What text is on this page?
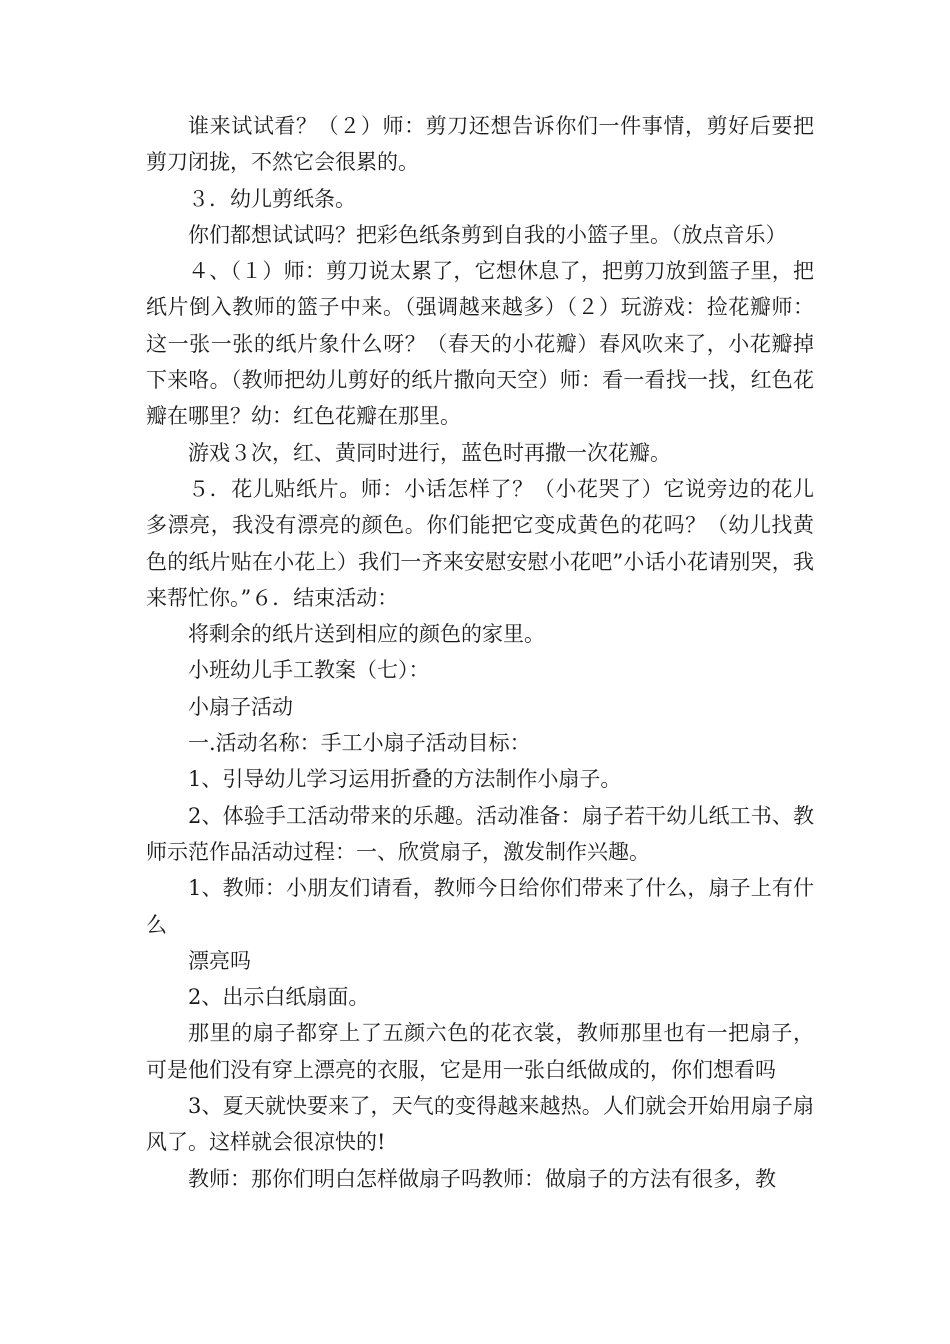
谁来试试看？（２）师：剪刀还想告诉你们一件事情，剪好后要把剪刀闭拢，不然它会很累的。

３．幼儿剪纸条。

你们都想试试吗？把彩色纸条剪到自我的小篮子里。（放点音乐）

４、（１）师：剪刀说太累了，它想休息了，把剪刀放到篮子里，把纸片倒入教师的篮子中来。（强调越来越多）（２）玩游戏：捡花瓣师：这一张一张的纸片象什么呀？（春天的小花瓣）春风吹来了，小花瓣掉下来咯。（教师把幼儿剪好的纸片撒向天空）师：看一看找一找，红色花瓣在哪里？幼：红色花瓣在那里。

游戏３次，红、黄同时进行，蓝色时再撒一次花瓣。

５．花儿贴纸片。师：小话怎样了？（小花哭了）它说旁边的花儿多漂亮，我没有漂亮的颜色。你们能把它变成黄色的花吗？（幼儿找黄色的纸片贴在小花上）我们一齐来安慰安慰小花吧”小话小花请别哭，我来帮忙你。”６．结束活动：

将剩余的纸片送到相应的颜色的家里。

小班幼儿手工教案（七）：

小扇子活动

一.活动名称：手工小扇子活动目标：

1、引导幼儿学习运用折叠的方法制作小扇子。

2、体验手工活动带来的乐趣。活动准备：扇子若干幼儿纸工书、教师示范作品活动过程：一、欣赏扇子，激发制作兴趣。

1、教师：小朋友们请看，教师今日给你们带来了什么，扇子上有什么

漂亮吗

2、出示白纸扇面。

那里的扇子都穿上了五颜六色的花衣裳，教师那里也有一把扇子，可是他们没有穿上漂亮的衣服，它是用一张白纸做成的，你们想看吗

3、夏天就快要来了，天气的变得越来越热。人们就会开始用扇子扇风了。这样就会很凉快的!

教师：那你们明白怎样做扇子吗教师：做扇子的方法有很多，教
